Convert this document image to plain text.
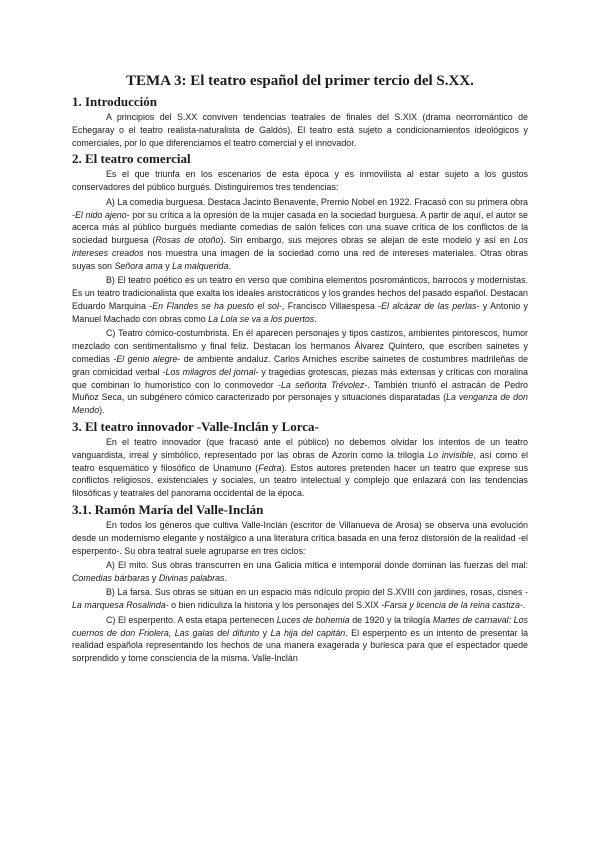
TEMA 3: El teatro español del primer tercio del S.XX.
1. Introducción

A principios del S.XX conviven tendencias teatrales de finales del S.XIX (drama neorromántico de Echegaray o el teatro realista-naturalista de Galdós). El teatro está sujeto a condicionamientos ideológicos y comerciales, por lo que diferenciamos el teatro comercial y el innovador.

2. El teatro comercial

Es el que triunfa en los escenarios de esta época y es inmovilista al estar sujeto a los gustos conservadores del público burgués. Distinguiremos tres tendencias:

A) La comedia burguesa. Destaca Jacinto Benavente, Premio Nobel en 1922. Fracasó con su primera obra -El nido ajeno- por su crítica a la opresión de la mujer casada en la sociedad burguesa. A partir de aquí, el autor se acerca más al público burgués mediante comedias de salón felices con una suave crítica de los conflictos de la sociedad burguesa (Rosas de otoño). Sin embargo, sus mejores obras se alejan de este modelo y así en Los intereses creados nos muestra una imagen de la sociedad como una red de intereses materiales. Otras obras suyas son Señora ama y La malquerida.

B) El teatro poético es un teatro en verso que combina elementos posrománticos, barrocos y modernistas. Es un teatro tradicionalista que exalta los ideales aristocráticos y los grandes hechos del pasado español. Destacan Eduardo Marquina -En Flandes se ha puesto el sol-, Francisco Villaespesa -El alcázar de las perlas- y Antonio y Manuel Machado con obras como La Lola se va a los puertos.

C) Teatro cómico-costumbrista. En él aparecen personajes y tipos castizos, ambientes pintorescos, humor mezclado con sentimentalismo y final feliz. Destacan los hermanos Álvarez Quintero, que escriben sainetes y comedias -El genio alegre- de ambiente andaluz. Carlos Arniches escribe sainetes de costumbres madrileñas de gran comicidad verbal -Los milagros del jornal- y tragedias grotescas, piezas más extensas y críticas con moralina que combinan lo humorístico con lo conmovedor -La señorita Trévolez-. También triunfó el astracán de Pedro Muñoz Seca, un subgénero cómico caracterizado por personajes y situaciones disparatadas (La venganza de don Mendo).

3. El teatro innovador -Valle-Inclán y Lorca-

En el teatro innovador (que fracasó ante el público) no debemos olvidar los intentos de un teatro vanguardista, irreal y simbólico, representado por las obras de Azorín como la trilogía Lo invisible, así como el teatro esquemático y filosófico de Unamuno (Fedra). Estos autores pretenden hacer un teatro que exprese sus conflictos religiosos, existenciales y sociales, un teatro intelectual y complejo que enlazará con las tendencias filosóficas y teatrales del panorama occidental de la época.

3.1. Ramón María del Valle-Inclán

En todos los géneros que cultiva Valle-Inclán (escritor de Villanueva de Arosa) se observa una evolución desde un modernismo elegante y nostálgico a una literatura crítica basada en una feroz distorsión de la realidad -el esperpento-. Su obra teatral suele agruparse en tres ciclos:

A) El mito. Sus obras transcurren en una Galicia mítica e intemporal donde dominan las fuerzas del mal: Comedias bárbaras y Divinas palabras.

B) La farsa. Sus obras se sitúan en un espacio más ridículo propio del S.XVIII con jardines, rosas, cisnes -La marquesa Rosalinda- o bien ridiculiza la historia y los personajes del S.XIX -Farsa y licencia de la reina castiza-.

C) El esperpento. A esta etapa pertenecen Luces de bohemia de 1920 y la trilogía Martes de carnaval: Los cuernos de don Friolera, Las galas del difunto y La hija del capitán. El esperpento es un intento de presentar la realidad española representando los hechos de una manera exagerada y burlesca para que el espectador quede sorprendido y tome consciencia de la misma. Valle-Inclán
